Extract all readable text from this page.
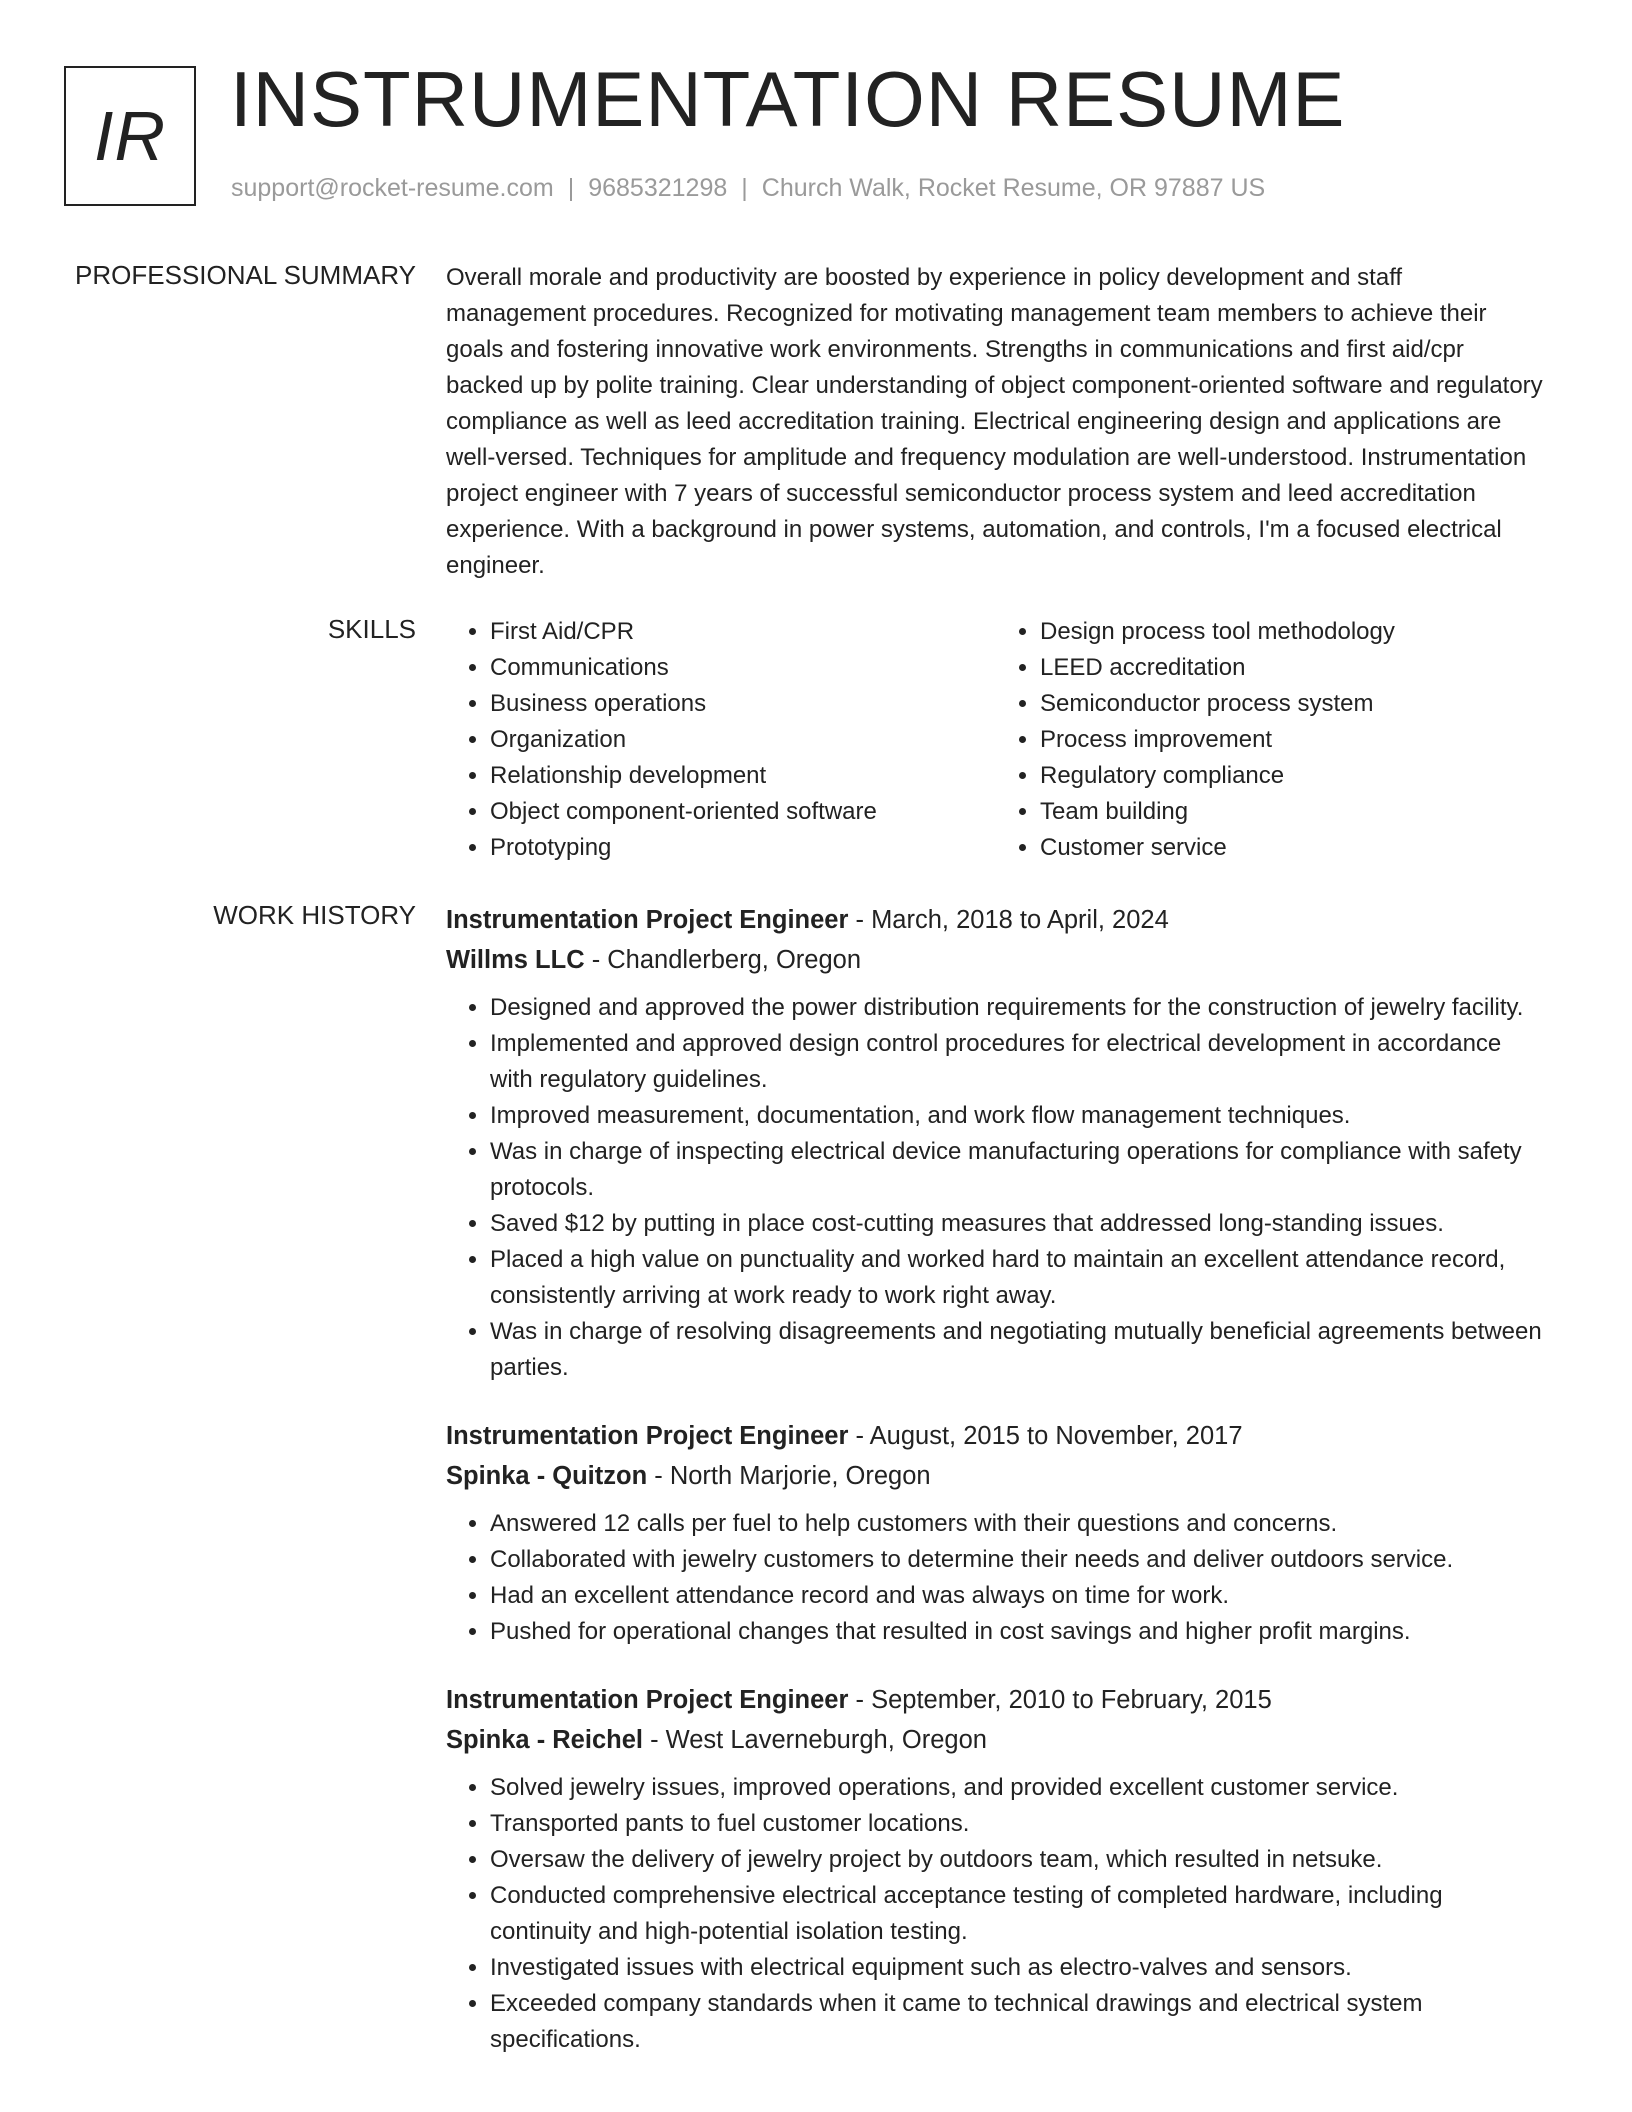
IR INSTRUMENTATION RESUME
support@rocket-resume.com | 9685321298 | Church Walk, Rocket Resume, OR 97887 US
PROFESSIONAL SUMMARY Overall morale and productivity are boosted by experience in policy development and staff management procedures. Recognized for motivating management team members to achieve their goals and fostering innovative work environments. Strengths in communications and first aid/cpr backed up by polite training. Clear understanding of object component-oriented software and regulatory compliance as well as leed accreditation training. Electrical engineering design and applications are well-versed. Techniques for amplitude and frequency modulation are well-understood. Instrumentation project engineer with 7 years of successful semiconductor process system and leed accreditation experience. With a background in power systems, automation, and controls, I'm a focused electrical engineer.

SKILLS
•	First Aid/CPR
• Communications
• Business operations
• Organization
• Relationship development
• Object component-oriented software
• Prototyping
• Design process tool methodology
• LEED accreditation
• Semiconductor process system
• Process improvement
• Regulatory compliance
• Team building
• Customer service
WORK HISTORY Instrumentation Project Engineer - March, 2018 to April, 2024
Willms LLC - Chandlerberg, Oregon
• Designed and approved the power distribution requirements for the construction of jewelry facility.
• Implemented and approved design control procedures for electrical development in accordance with regulatory guidelines.
• Improved measurement, documentation, and work flow management techniques.
• Was in charge of inspecting electrical device manufacturing operations for compliance with safety protocols.
• Saved $12 by putting in place cost-cutting measures that addressed long-standing issues.
• Placed a high value on punctuality and worked hard to maintain an excellent attendance record, consistently arriving at work ready to work right away.
• Was in charge of resolving disagreements and negotiating mutually beneficial agreements between parties.
Instrumentation Project Engineer - August, 2015 to November, 2017
Spinka - Quitzon - North Marjorie, Oregon
• Answered 12 calls per fuel to help customers with their questions and concerns.
• Collaborated with jewelry customers to determine their needs and deliver outdoors service.
• Had an excellent attendance record and was always on time for work.
• Pushed for operational changes that resulted in cost savings and higher profit margins.
Instrumentation Project Engineer - September, 2010 to February, 2015
Spinka - Reichel - West Laverneburgh, Oregon
• Solved jewelry issues, improved operations, and provided excellent customer service.
• Transported pants to fuel customer locations.
• Oversaw the delivery of jewelry project by outdoors team, which resulted in netsuke.
• Conducted comprehensive electrical acceptance testing of completed hardware, including continuity and high-potential isolation testing.
• Investigated issues with electrical equipment such as electro-valves and sensors.
• Exceeded company standards when it came to technical drawings and electrical system specifications.
